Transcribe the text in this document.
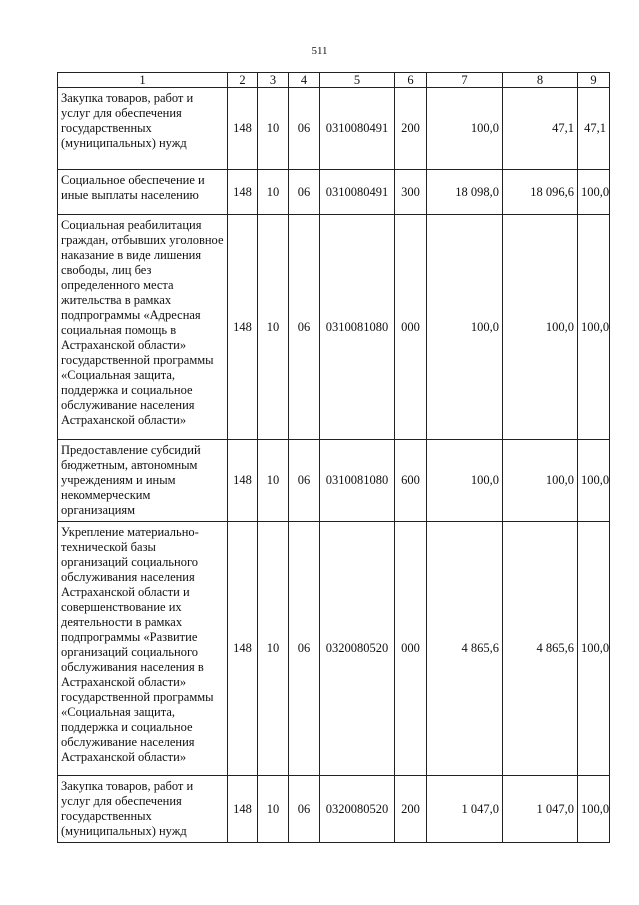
511
1	2	3	4	5	6	7	8	9
Закупка товаров, работ и услуг для обеспечения государственных (муниципальных) нужд	148	10	06	0310080491	200	100,0	47,1	47,1
Социальное обеспечение и иные выплаты населению	148	10	06	0310080491	300	18 098,0	18 096,6	100,0
Социальная реабилитация граждан, отбывших уголовное наказание в виде лишения свободы, лиц без определенного места жительства в рамках подпрограммы «Адресная социальная помощь в Астраханской области» государственной программы «Социальная защита, поддержка и социальное обслуживание населения Астраханской области»	148	10	06	0310081080	000	100,0	100,0	100,0
Предоставление субсидий бюджетным, автономным учреждениям и иным некоммерческим организациям	148	10	06	0310081080	600	100,0	100,0	100,0
Укрепление материально-технической базы организаций социального обслуживания населения Астраханской области и совершенствование их деятельности в рамках подпрограммы «Развитие организаций социального обслуживания населения в Астраханской области» государственной программы «Социальная защита, поддержка и социальное обслуживание населения Астраханской области»	148	10	06	0320080520	000	4 865,6	4 865,6	100,0
Закупка товаров, работ и услуг для обеспечения государственных (муниципальных) нужд	148	10	06	0320080520	200	1 047,0	1 047,0	100,0
